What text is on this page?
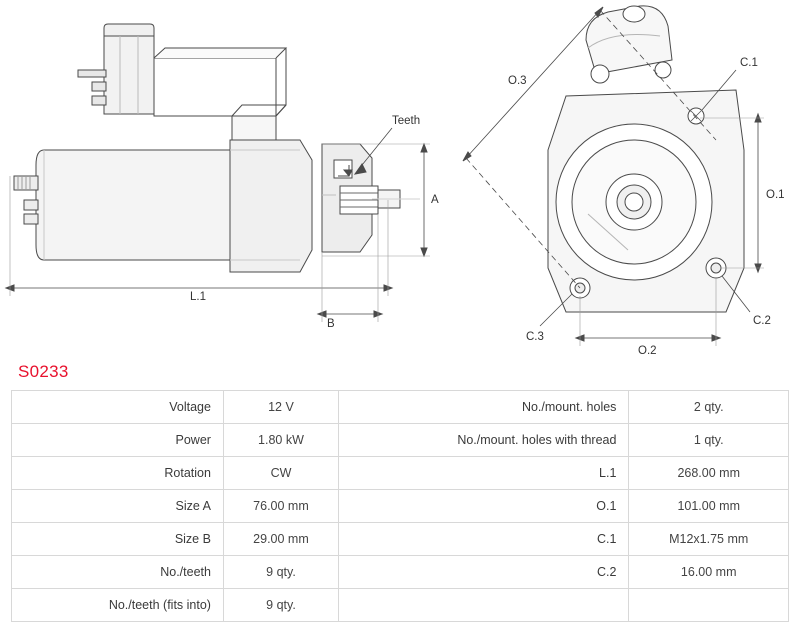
Teeth
A
B
L.1
O.1
O.2
O.3
C.1
C.2
C.3
S0233
Voltage	12 V	No./mount. holes	2 qty.
Power	1.80 kW	No./mount. holes with thread	1 qty.
Rotation	CW	L.1	268.00 mm
Size A	76.00 mm	O.1	101.00 mm
Size B	29.00 mm	C.1	M12x1.75 mm
No./teeth	9 qty.	C.2	16.00 mm
No./teeth (fits into)	9 qty.		
